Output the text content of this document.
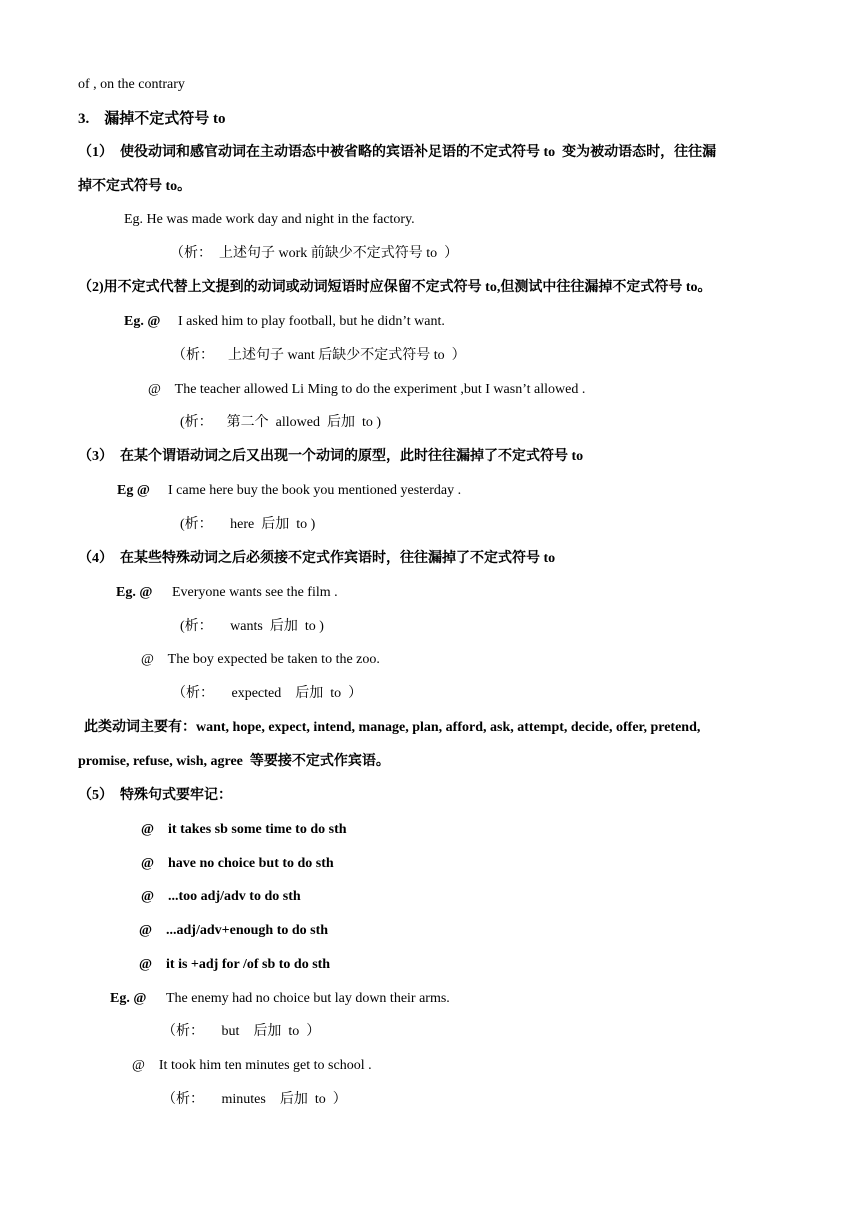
of , on the contrary
3.    漏掉不定式符号 to
（1）  使役动词和感官动词在主动语态中被省略的宾语补足语的不定式符号 to  变为被动语态时，往往漏
掉不定式符号 to。
Eg. He was made work day and night in the factory.
（析：  上述句子 work 前缺少不定式符号 to  ）
（2)用不定式代替上文提到的动词或动词短语时应保留不定式符号 to,但测试中往往漏掉不定式符号 to。
Eg. @ I asked him to play football, but he didn’t want.
（析：    上述句子 want 后缺少不定式符号 to  ）
@    The teacher allowed Li Ming to do the experiment ,but I wasn’t allowed .
(析：    第二个  allowed  后加  to )
（3）  在某个谓语动词之后又出现一个动词的原型，此时往往漏掉了不定式符号 to
Eg @ I came here buy the book you mentioned yesterday .
(析：     here  后加  to )
（4）  在某些特殊动词之后必须接不定式作宾语时，往往漏掉了不定式符号 to
Eg. @ Everyone wants see the film .
(析：     wants  后加  to )
@    The boy expected be taken to the zoo.
（析：     expected    后加  to  ）
此类动词主要有：want, hope, expect, intend, manage, plan, afford, ask, attempt, decide, offer, pretend,
promise, refuse, wish, agree  等要接不定式作宾语。
（5）  特殊句式要牢记：
@    it takes sb some time to do sth
@    have no choice but to do sth
@    ...too adj/adv to do sth
@    ...adj/adv+enough to do sth
@    it is +adj for /of sb to do sth
Eg. @ The enemy had no choice but lay down their arms.
（析：     but    后加  to  ）
@    It took him ten minutes get to school .
（析：     minutes    后加  to  ）
